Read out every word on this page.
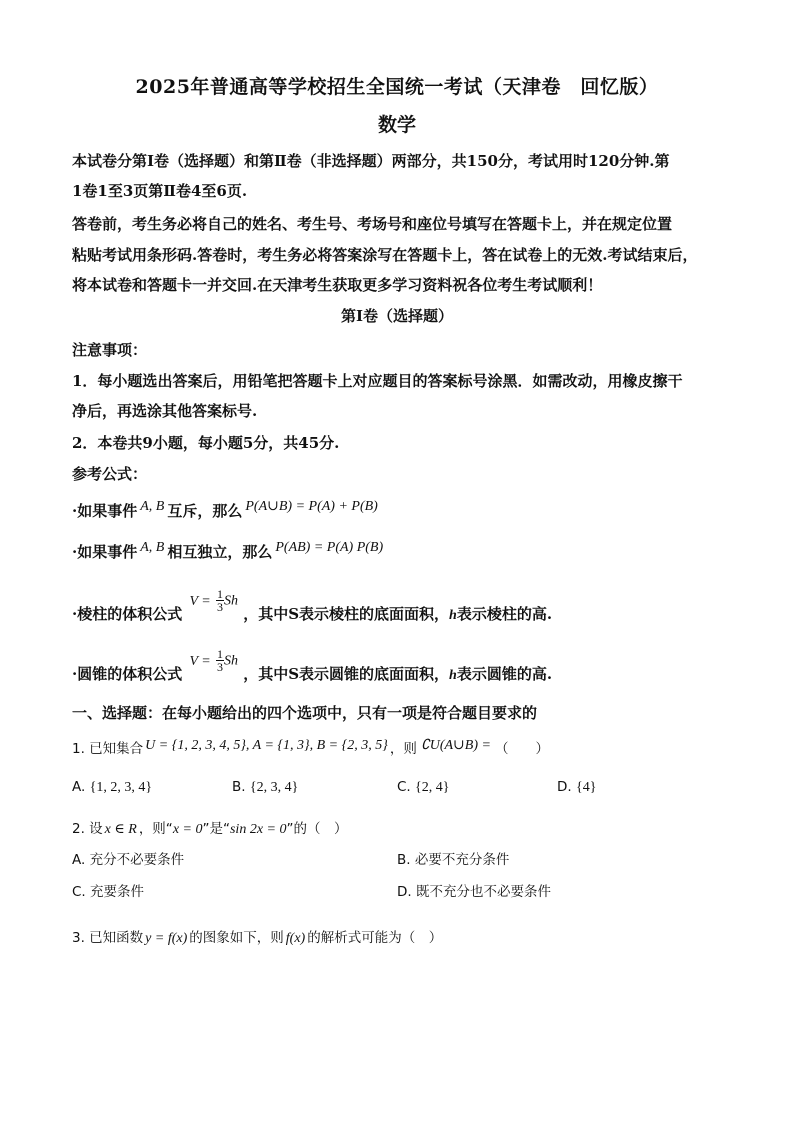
2025年普通高等学校招生全国统一考试（天津卷　回忆版）
数学
本试卷分第Ⅰ卷（选择题）和第Ⅱ卷（非选择题）两部分，共150分，考试用时120分钟.第
1卷1至3页第Ⅱ卷4至6页.
答卷前，考生务必将自己的姓名、考生号、考场号和座位号填写在答题卡上，并在规定位置
粘贴考试用条形码.答卷时，考生务必将答案涂写在答题卡上，答在试卷上的无效.考试结束后，
将本试卷和答题卡一并交回.在天津考生获取更多学习资料祝各位考生考试顺利！
第Ⅰ卷（选择题）
注意事项：
1．每小题选出答案后，用铅笔把答题卡上对应题目的答案标号涂黑．如需改动，用橡皮擦干
净后，再选涂其他答案标号.
2．本卷共9小题，每小题5分，共45分.
参考公式：
·如果事件 A, B 互斥，那么 P(A∪B) = P(A) + P(B)
·如果事件 A, B 相互独立，那么 P(AB) = P(A) P(B)
·棱柱的体积公式 $V = \frac{1}{3}$ Sh ，其中S表示棱柱的底面面积，h表示棱柱的高.
·圆锥的体积公式 $V = \frac{1}{3}$ Sh ，其中S表示圆锥的底面面积，h表示圆锥的高.
一、选择题：在每小题给出的四个选项中，只有一项是符合题目要求的
1. 已知集合 U = {1, 2, 3, 4, 5}, A = {1, 3}, B = {2, 3, 5} ，则 ∁U(A∪B) = （　　）
A. {1, 2, 3, 4}	B. {2, 3, 4}	C. {2, 4}	D. {4}
2. 设 x ∈ R ，则“x = 0”是“sin 2x = 0”的（　）
A. 充分不必要条件	B. 必要不充分条件
C. 充要条件	D. 既不充分也不必要条件
3. 已知函数 y = f(x) 的图象如下，则 f(x) 的解析式可能为（　）
